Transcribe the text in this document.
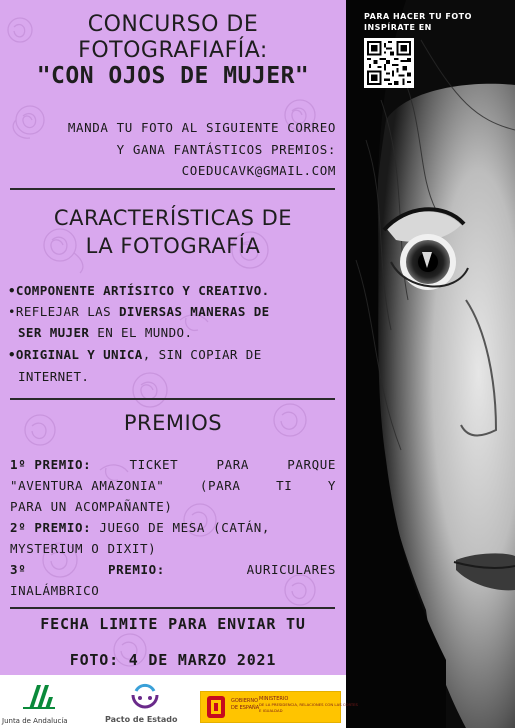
CONCURSO DE
FOTOGRAFIAFÍA:
"CON OJOS DE MUJER"
MANDA TU FOTO AL SIGUIENTE CORREO
Y GANA FANTÁSTICOS PREMIOS:
COEDUCAVK@GMAIL.COM
CARACTERÍSTICAS DE
LA FOTOGRAFÍA
•COMPONENTE ARTÍSITCO Y CREATIVO.
•REFLEJAR LAS DIVERSAS MANERAS DE
SER MUJER EN EL MUNDO.
•ORIGINAL Y UNICA, SIN COPIAR DE
INTERNET.
PREMIOS
1º PREMIO:	TICKET	PARA	PARQUE
"AVENTURA AMAZONIA"	(PARA	TI	Y
PARA UN ACOMPAÑANTE)
2º PREMIO: JUEGO DE MESA (CATÁN,
MYSTERIUM O DIXIT)
3º	PREMIO:	AURICULARES
INALÁMBRICO
FECHA LIMITE PARA ENVIAR TU
FOTO: 4 DE MARZO 2021
PARA HACER TU FOTO
INSPÍRATE EN
Junta de Andalucía	Pacto de Estado
GOBIERNO
DE ESPAÑA
MINISTERIO
DE LA PRESIDENCIA, RELACIONES CON LAS CORTES
E IGUALDAD
